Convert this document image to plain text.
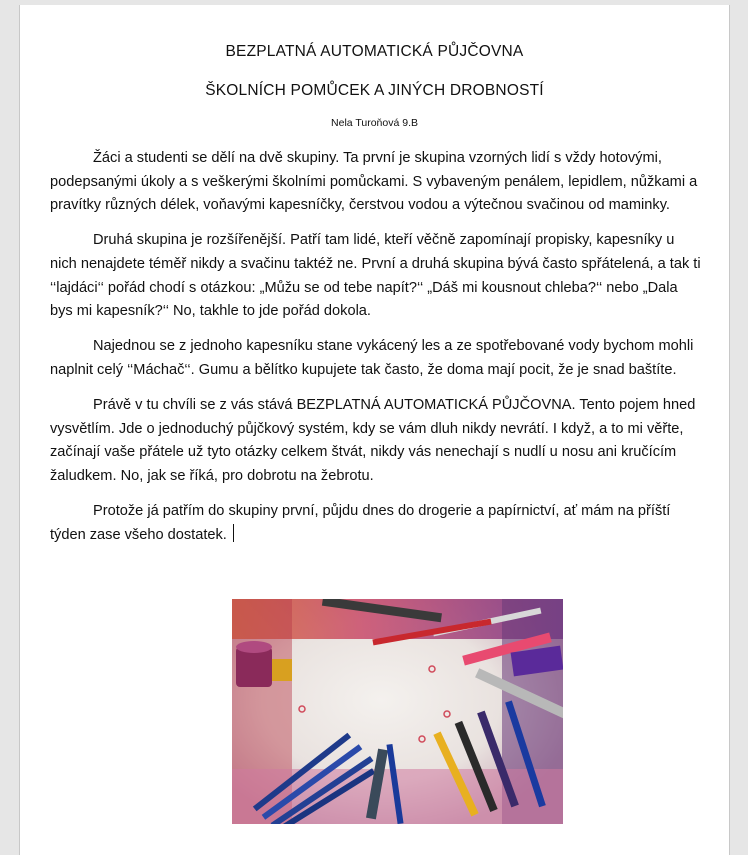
BEZPLATNÁ AUTOMATICKÁ PŮJČOVNA
ŠKOLNÍCH POMŮCEK A JINÝCH DROBNOSTÍ
Nela Turoňová 9.B

Žáci a studenti se dělí na dvě skupiny. Ta první je skupina vzorných lidí s vždy hotovými, podepsanými úkoly a s veškerými školními pomůckami. S vybaveným penálem, lepidlem, nůžkami a pravítky různých délek, voňavými kapesníčky, čerstvou vodou a výtečnou svačinou od maminky.

Druhá skupina je rozšířenější. Patří tam lidé, kteří věčně zapomínají propisky, kapesníky u nich nenajdete téměř nikdy a svačinu taktéž ne. První a druhá skupina bývá často spřátelená, a tak ti ‘‘lajdáci‘‘ pořád chodí s otázkou: „Můžu se od tebe napít?‘‘ „Dáš mi kousnout chleba?‘‘ nebo „Dala bys mi kapesník?‘‘ No, takhle to jde pořád dokola.

Najednou se z jednoho kapesníku stane vykácený les a ze spotřebované vody bychom mohli naplnit celý ‘‘Máchač‘‘. Gumu a bělítko kupujete tak často, že doma mají pocit, že je snad baštíte.

Právě v tu chvíli se z vás stává BEZPLATNÁ AUTOMATICKÁ PŮJČOVNA. Tento pojem hned vysvětlím. Jde o jednoduchý půjčkový systém, kdy se vám dluh nikdy nevrátí. I když, a to mi věřte, začínají vaše přátele už tyto otázky celkem štvát, nikdy vás nenechají s nudlí u nosu ani kručícím žaludkem. No, jak se říká, pro dobrotu na žebrotu.

Protože já patřím do skupiny první, půjdu dnes do drogerie a papírnictví, ať mám na příští týden zase všeho dostatek.
